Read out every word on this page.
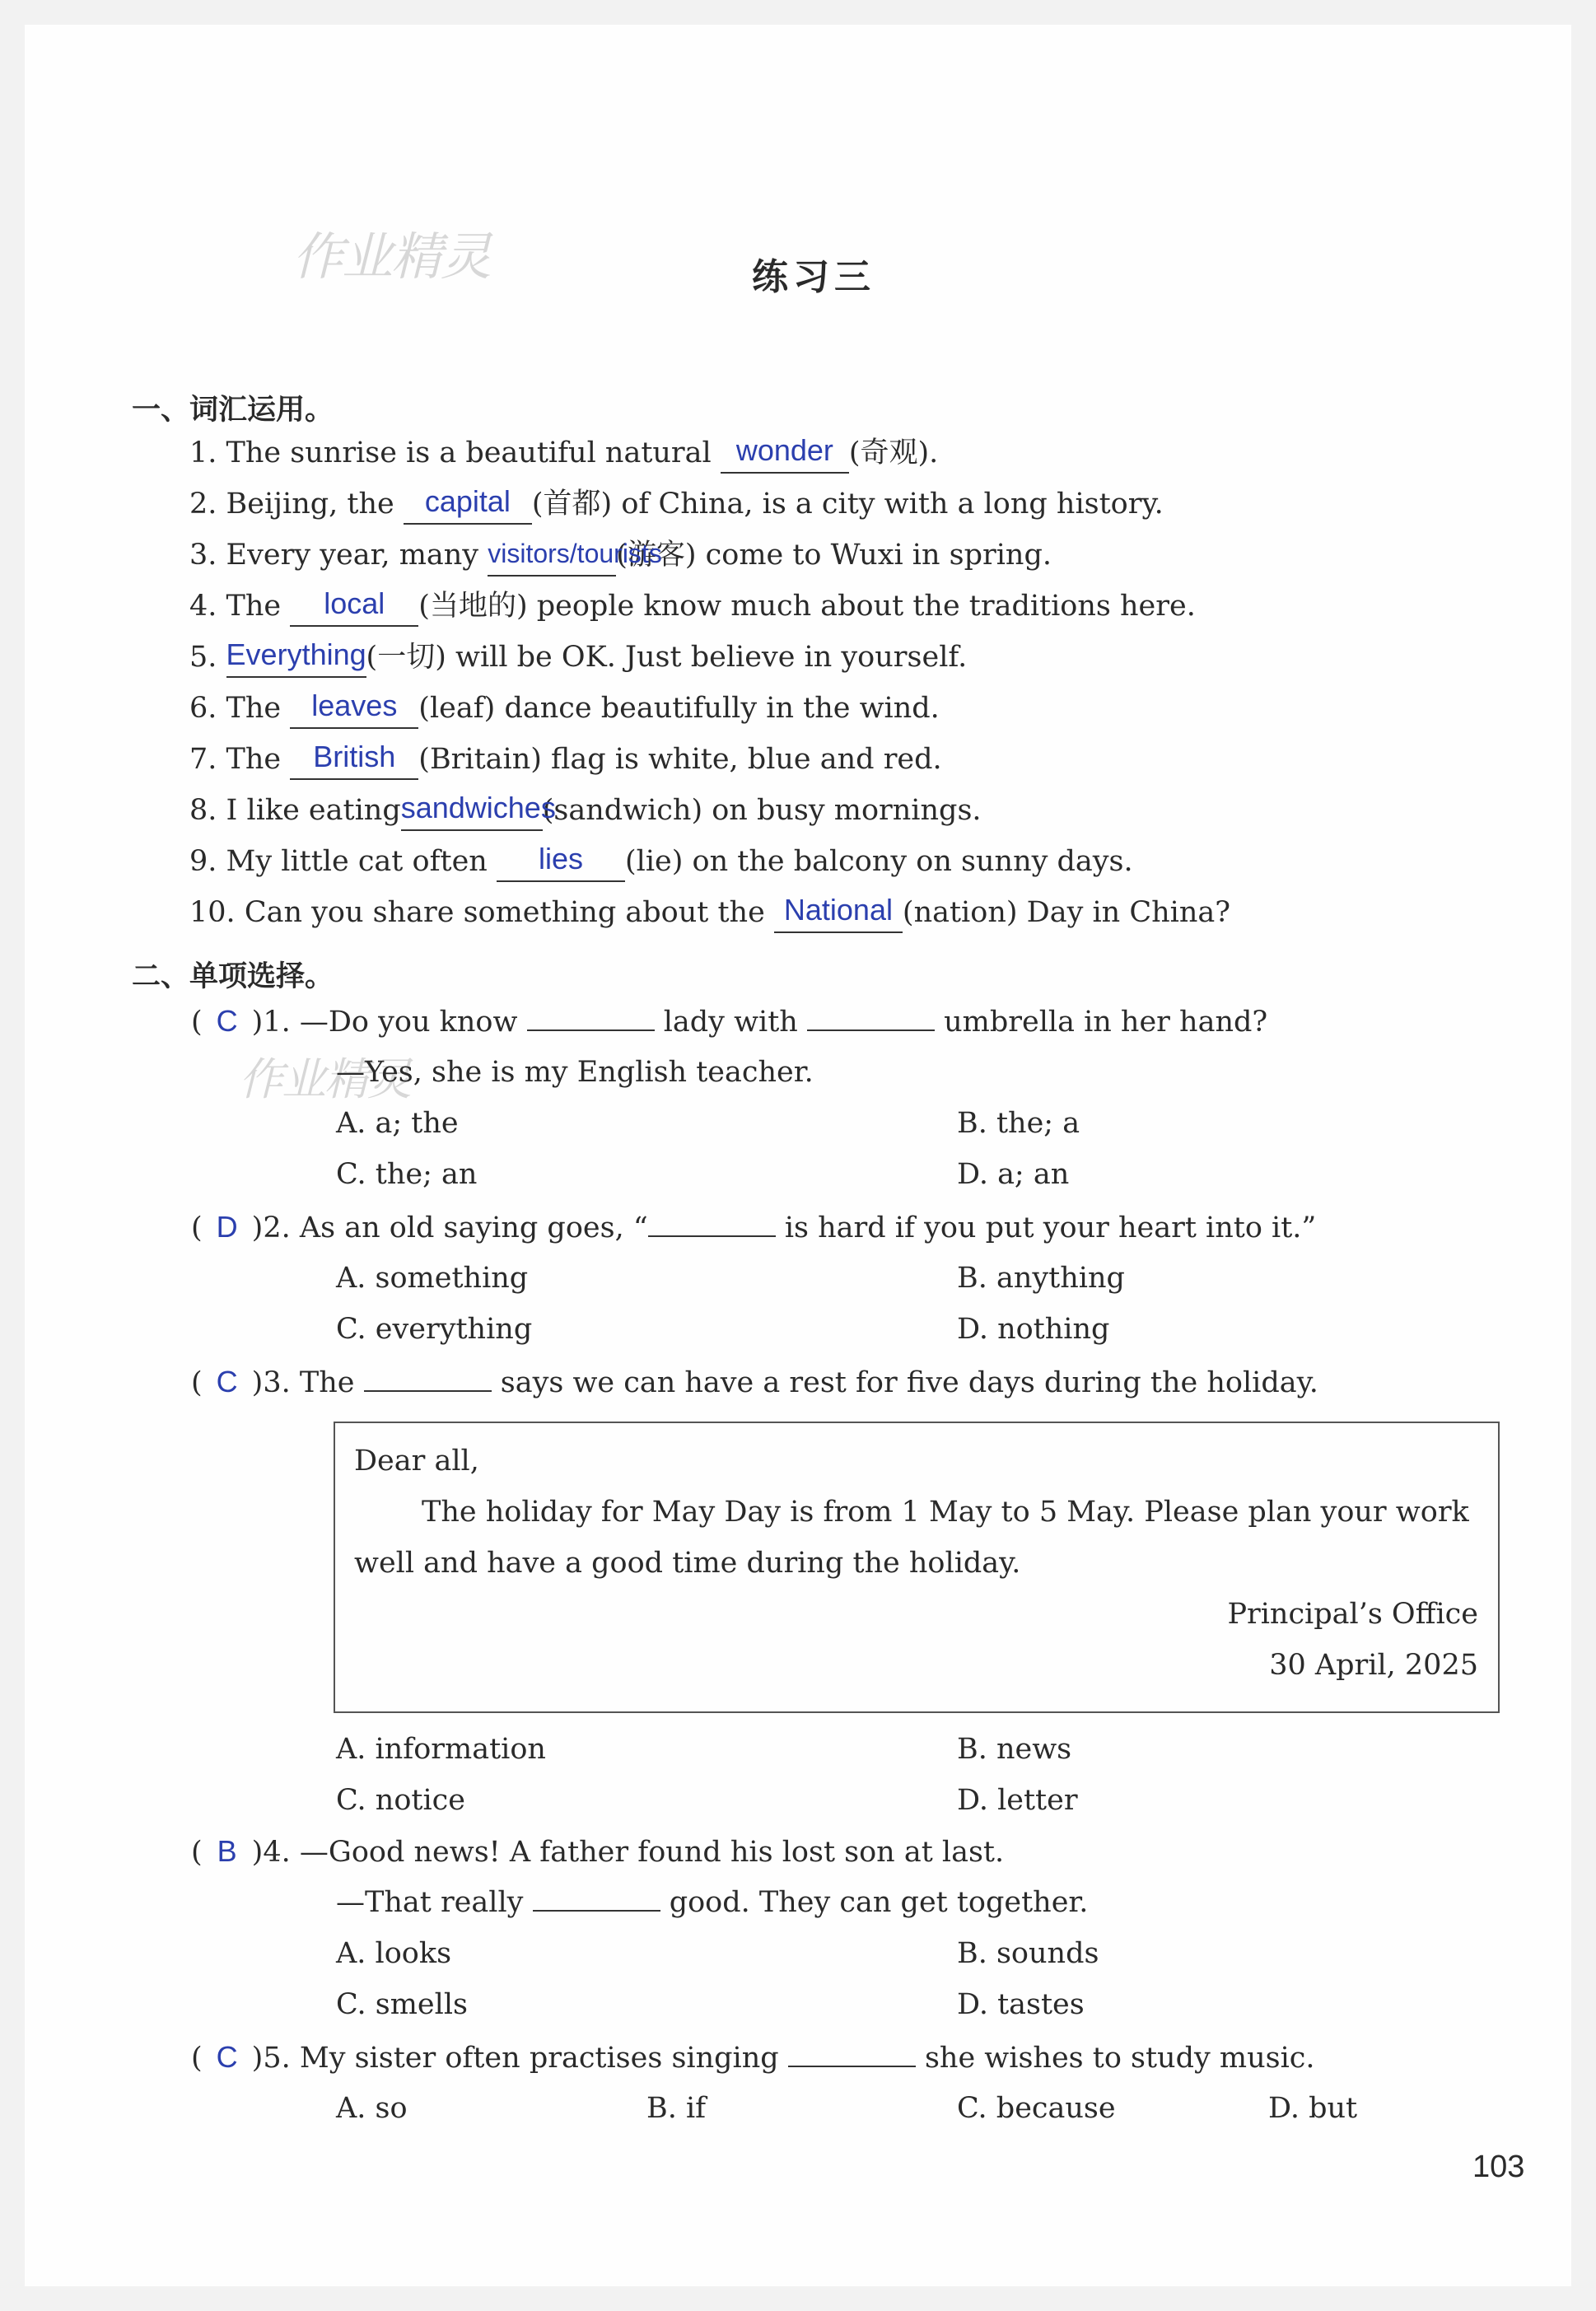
作业精灵
作业精灵
练习三
一、词汇运用。
1. The sunrise is a beautiful natural wonder (奇观).
2. Beijing, the capital (首都) of China, is a city with a long history.
3. Every year, many visitors/tourists(游客) come to Wuxi in spring.
4. The local (当地的) people know much about the traditions here.
5. Everything(一切) will be OK. Just believe in yourself.
6. The leaves (leaf) dance beautifully in the wind.
7. The British (Britain) flag is white, blue and red.
8. I like eatingsandwiches(sandwich) on busy mornings.
9. My little cat often lies (lie) on the balcony on sunny days.
10. Can you share something about the National (nation) Day in China?
二、单项选择。
( C )1. —Do you know	lady with	umbrella in her hand?
—Yes, she is my English teacher.
A. a; the	B. the; a
C. the; an	D. a; an
( D )2. As an old saying goes, “	is hard if you put your heart into it.”
A. something	B. anything
C. everything	D. nothing
( C )3. The	says we can have a rest for five days during the holiday.
Dear all,
The holiday for May Day is from 1 May to 5 May. Please plan your work
well and have a good time during the holiday.
Principal’s Office
30 April, 2025
A. information	B. news
C. notice	D. letter
( B )4. —Good news! A father found his lost son at last.
—That really	good. They can get together.
A. looks	B. sounds
C. smells	D. tastes
( C )5. My sister often practises singing	she wishes to study music.
A. so	B. if	C. because	D. but
103
